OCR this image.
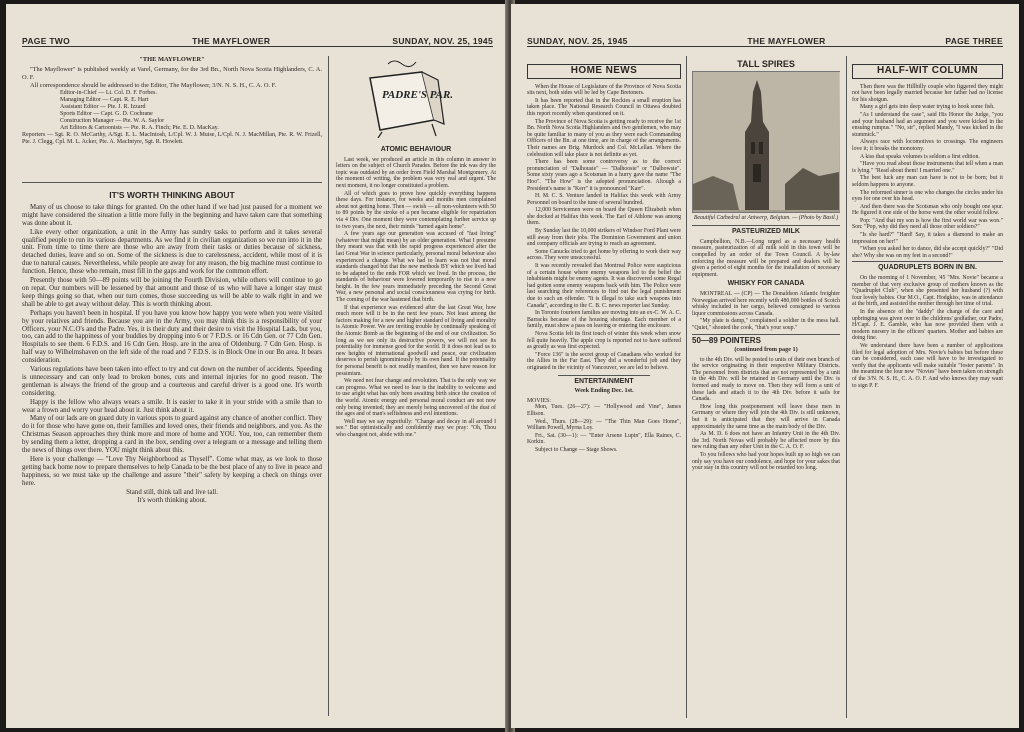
PAGE TWO	THE MAYFLOWER	SUNDAY, NOV. 25, 1945
"THE MAYFLOWER"

"The Mayflower" is published weekly at Varel, Germany, for the 3rd Bn., North Nova Scotia Highlanders, C. A. O. F.

All correspondence should be addressed to the Editor, The Mayflower, 3/N. N. S. H., C. A. O. F.

Editor-in-Chief — Lt. Col. D. F. Forbes.
Managing Editor — Capt. R. E. Hart
Assistant Editor — Pte. J. R. Izzard
Sports Editor — Capt. G. D. Cochrane
Construction Manager — Pte. W. A. Saylor
Art Editors & Cartoonists — Pte. R. A. Finch; Pte. E. D. MacKay.

Reporters — Sgt. R. O. McCarthy, A/Sgt. E. L. MacIntosh, L/Cpl. W. J. Muise, L/Cpl. N. J. MacMillan, Pte. R. W. Frizell, Pte. J. Clegg, Cpl. M. L. Acker, Pte. A. MacIntyre, Sgt. R. Howlett.

IT'S WORTH THINKING ABOUT

Many of us choose to take things for granted. On the other hand if we had just paused for a moment we might have considered the situation a little more fully in the beginning and have taken care that something was done about it.

Like every other organization, a unit in the Army has sundry tasks to perform and it takes several qualified people to run its various departments. As we find it in civilian organization so we run into it in the unit. From time to time there are those who are away from their tasks or duties because of sickness, detached duties, leave and so on. Some of the sickness is due to carelessness, accident, while most of it is due to natural causes. Nevertheless, while people are away for any reason, the big machine must continue to function. Hence, those who remain, must fill in the gaps and work for the common effort.

Presently those with 50—89 points will be joining the Fourth Division, while others will continue to go on repat. Our numbers will be lessened by that amount and those of us who will have a longer stay must keep things going so that, when our turn comes, those succeeding us will be able to walk right in and we shall be able to get away without delay. This is worth thinking about.

Perhaps you haven't been in hospital. If you have you know how happy you were when you were visited by your relatives and friends. Because you are in the Army, you may think this is a responsibility of your Officers, your N.C.O's and the Padre. Yes, it is their duty and their desire to visit the Hospital Lads, but you, too, can add to the happiness of your buddies by dropping into 6 or 7 F.D.S. or 16 Cdn Gen. or 77 Cdn Gen. Hospitals to see them. 6 F.D.S. and 16 Cdn Gen. Hosp. are in the area of Oldenburg. 7 Cdn Gen. Hosp. is half way to Wilhelmshaven on the left side of the road and 7 F.D.S. is in Block One in our Bn area. It bears consideration.

Various regulations have been taken into effect to try and cut down on the number of accidents. Speeding is unnecessary and can only lead to broken bones, cuts and internal injuries for no good reason. The gentleman is always the friend of the group and a courteous and careful driver is a good one. It's worth considering.

Happy is the fellow who always wears a smile. It is easier to take it in your stride with a smile than to wear a frown and worry your head about it. Just think about it.

Many of our lads are on guard duty in various spots to guard against any chance of another conflict. They do it for those who have gone on, their families and loved ones, their friends and neighbors, and you. As the Christmas Season approaches they think more and more of home and YOU. You, too, can remember them by sending them a letter, dropping a card in the box, sending over a telegram or a message and telling them the news of things over there. YOU might think about this.

Here is your challenge — "Love Thy Neighborhood as Thyself". Come what may, as we look to those getting back home now to prepare themselves to help Canada to be the best place of any to live in peace and happiness, so we must take up the challenge and assure "their" safety by keeping a check on things over here.

Stand still, think tall and live tall.
It's worth thinking about.
PADRE'S PAR...
ATOMIC BEHAVIOUR

Last week, we produced an article in this column in answer to letters on the subject of Church Parades. Before the ink was dry the topic was outdated by an order from Field Marshal Montgomery. At the moment of writing, the problem was very real and urgent. The next moment, it no longer constituted a problem.

All of which goes to prove how quickly everything happens these days. For instance, for weeks and months men complained about not getting home. Then — swish — all non-volunteers with 50 to 89 points by the stroke of a pen became eligible for repatriation via 4 Div. One moment they were contemplating further service up to two years, the next, their minds "turned again home".

A few years ago our generation was accused of "fast living" (whatever that might mean) by an older generation. What I presume they meant was that with the rapid progress experienced after the last Great War in science particularly, personal moral behaviour also experienced a change. What we had to learn was not that moral standards changed but that the new methods BY which we lived had to be adapted to the ends FOR which we lived. In the process, the standards of behaviour were lowered temporarily to rise to a new height. In the few years immediately preceding the Second Great War, a new personal and social consciousness was crying for birth. The coming of the war hastened that birth.

If that experience was evidenced after the last Great War, how much more will it be in the next few years. Not least among the factors making for a new and higher standard of living and morality is Atomic Power. We are inviting trouble by continually speaking of the Atomic Bomb as the beginning of the end of our civilization. So long as we see only its destructive powers, we will not see its potentiality for immense good for the world. If it does not lead us to new heights of international goodwill and peace, our civilization deserves to perish ignominiously by its own hand. If the potentiality for personal benefit is not readily manifest, then we have reason for pessimism.

We need not fear change and revolution. That is the only way we can progress. What we need to fear is the inability to welcome and to use aright what has only been awaiting birth since the creation of the world. Atomic energy and personal moral conduct are not now only being invented; they are merely being uncovered of the dust of the ages and of man's selfishness and evil intentions.

Well may we say regretfully: "Change and decay in all around I see." But optimistically and confidently may we pray: "Oh, Thou who changest not, abide with me."

SUNDAY, NOV. 25, 1945	THE MAYFLOWER	PAGE THREE
HOME NEWS

When the House of Legislature of the Province of Nova Scotia sits next, both sides will be led by Cape Bretoners.

It has been reported that in the Rockies a small eruption has taken place. The National Research Council in Ottawa doubted this report recently when questioned on it.

The Province of Nova Scotia is getting ready to receive the 1st Bn. North Nova Scotia Highlanders and two gentlemen, who may be quite familiar to many of you as they were each Commanding Officers of the Bn. at one time, are in charge of the arrangements. Their names are Brig. Murdock and Col. McLellan. Where the celebration will take place is not definite as yet.

There has been some controversy as to the correct pronunciation of "Dalhousie" — "Dalhoosie" or "Dalhowsie". Some sixty years ago a Scotsman in a hurry gave the name "The Hoo". "The How" is the adopted pronunciation. Altough a President's name is "Kerr" it is pronounced "Karr".

H. M. C. S. Venture landed in Halifax this week with Army Personnel on board to the tune of several hundred.

12,000 Servicemen were on board the Queen Elizabeth when she docked at Halifax this week. The Earl of Athlone was among them.

By Sunday last the 10,000 strikers of Windsor Ford Plant were still away from their jobs. The Dominion Government and union and company officials are trying to reach an agreement.

Some Canucks tried to get home by offering to work their way across. They were unsuccessful.

It was recently revealed that Montreal Police were suspicious of a certain house where enemy weapons led to the belief the inhabitants might be enemy agents. It was discovered some Regal had gotten some enemy weapons back with him. The Police were last searching their references to find out the legal punishment due to such an offender. "It is illegal to take such weapons into Canada", according to the C. B. C. news reporter last Sunday.

In Toronto fourteen families are moving into an ex-C. W. A. C. Barracks because of the housing shortage. Each member of a family, must show a pass on leaving or entering the enclosure.

Nova Scotia felt its first touch of winter this week when snow fell quite heavily. The apple crop is reported not to have suffered as greatly as was first expected.

"Force 136" is the secret group of Canadians who worked for the Allies in the Far East. They did a wonderful job and they originated in the vicinity of Vancouver, we are led to believe.

ENTERTAINMENT
Week Ending Dec. 1st.
MOVIES:

Mon, Tues. (26—27): — "Hollywood and Vine", James Ellison.

Wed., Thurs. (28—29): — "The Thin Man Goes Home", William Powell, Myrna Loy.

Fri., Sat. (30—1): — "Enter Arsene Lupin", Ella Raines, C. Korkin.

Subject to Change — Stage Shows.

TALL SPIRES
Beautiful Cathedral at Antwerp, Belgium. — (Photo by Basil.)
PASTEURIZED MILK

Campbellton, N.B.—Long urged as a necessary health measure, pasteurization of all milk sold in this town will be compelled by an order of the Town Council. A by-law enforcing the measure will be prepared and dealers will be given a period of eight months for the installation of necessary equipment.

WHISKY FOR CANADA

MONTREAL — (CP) — The Donaldson Atlantic freighter Norwegian arrived here recently with 480,000 bottles of Scotch whisky included in her cargo, believed consigned to various liquor commissions across Canada.

"My plate is damp," complained a soldier in the mess hall. "Quiet," shouted the cook, "that's your soup."

50—89 POINTERS
(continued from page 1)

to the 4th Div. will be posted to units of their own branch of the service originating in their respective Military Districts. The personnel from districts that are not represented by a unit in the 4th Div. will be retained in Germany until the Div. is formed and ready to move on. Then they will form a unit of these lads and attach it to the 4th Div. before it sails for Canada.

How long this postponement will leave these men in Germany or where they will join the 4th Div. is still unknown, but it is anticipated that they will arrive in Canada approximately the same time as the main body of the Div.

As M. D. 6 does not have an Infantry Unit in the 4th Div. the 3rd. North Novas will probably be affected more by this new ruling than any other Unit in the C. A. O. F.

To you fellows who had your hopes built up so high we can only say you have our condolence, and hope for your sakes that your stay in this country will not be retarded too long.

HALF-WIT COLUMN

Then there was the Hillbilly couple who figgered they might not have been legally married because her father had no license for his shotgun.

Many a girl gets into deep water trying to hook some fish.

"As I understand the case", said His Honor the Judge, "you and your husband had an argument and you were kicked in the ensuing rumpus." "No, sir", replied Mandy, "I was kicked in the stummick."

Always race with locomotives to crossings. The engineers love it; it breaks the monotony.

A kiss that speaks volumes is seldom a first edition.

"Have you read about those instruments that tell when a man is lying." "Read about them! I married one."

The best luck any man can have is not to be born; but it seldom happens to anyone.

The reformed sinner is one who changes the circles under his eyes for one over his head.

And then there was the Scotsman who only bought one spur. He figured it one side of the horse went the other would follow.

Pop: "And that my son is how the first world war was won." Son: "Pop, why did they need all those other soldiers?"

"Is she hard?" "Hard! Say, it takes a diamond to make an impression on her!"

"When you asked her to dance, did she accept quickly?" "Did she? Why she was on my feet in a second!"

QUADRUPLETS BORN IN BN.

On the morning of 1 November, '45 "Mrs. Novie" became a member of that very exclusive group of mothers known as the "Quadruplet Club", when she presented her husband (?) with four lovely babies. Our M.O., Capt. Hodgkiss, was in attendance at the birth, and assisted the mother through her time of trial.

In the absence of the "daddy" the charge of the care and upbringing was given over to the childrens' godfather, our Padre, H/Capt. J. E. Gamble, who has now provided them with a modern nursery in the officers' quarters. Mother and babies are doing fine.

We understand there have been a number of applications filed for legal adoption of Mrs. Novie's babies but before these can be considered, each case will have to be investigated to verify that the applicants will make suitable "foster parents". In the meantime the four new "Novies" have been taken on strength of the 3/N. N. S. H., C. A. O. F. And who knows they may want to sign P. F.
